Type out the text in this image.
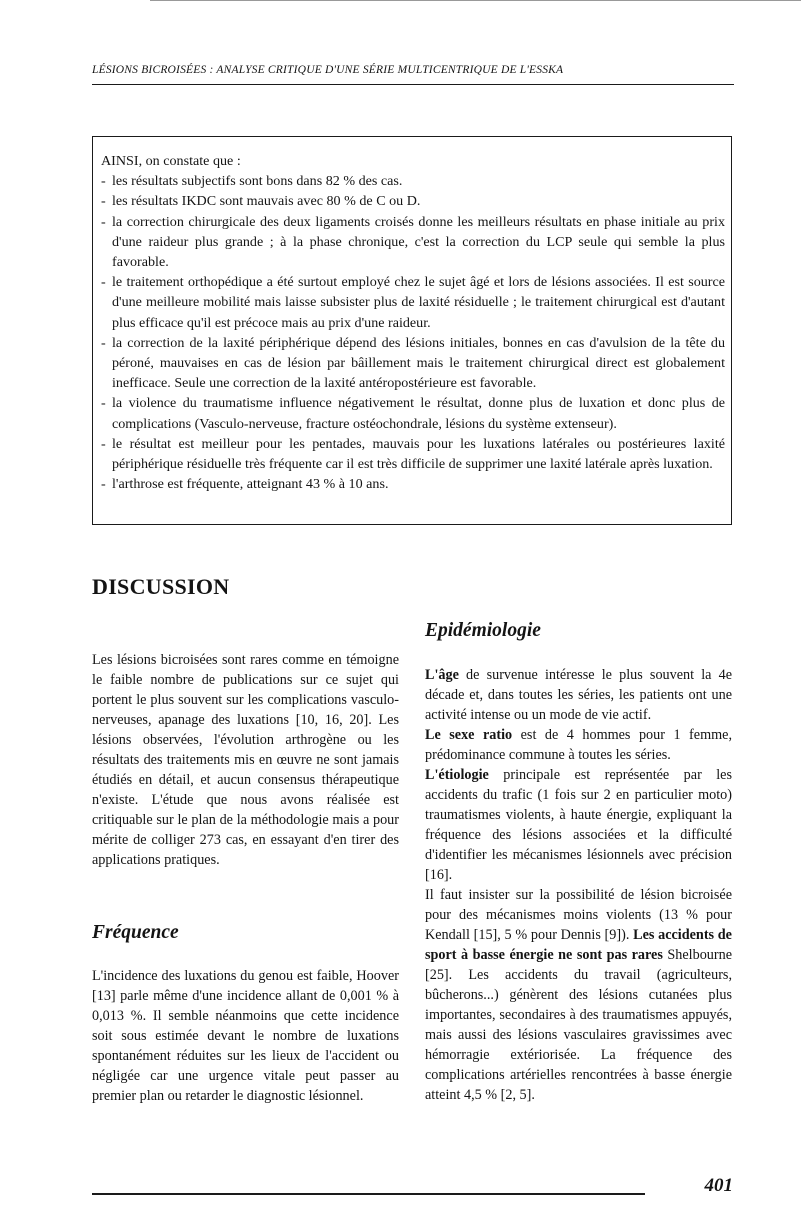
LÉSIONS BICROISÉES : ANALYSE CRITIQUE D'UNE SÉRIE MULTICENTRIQUE DE L'ESSKA

AINSI, on constate que :

- les résultats subjectifs sont bons dans 82 % des cas.
- les résultats IKDC sont mauvais avec 80 % de C ou D.
- la correction chirurgicale des deux ligaments croisés donne les meilleurs résultats en phase initiale au prix d'une raideur plus grande ; à la phase chronique, c'est la correction du LCP seule qui semble la plus favorable.
- le traitement orthopédique a été surtout employé chez le sujet âgé et lors de lésions associées. Il est source d'une meilleure mobilité mais laisse subsister plus de laxité résiduelle ; le traitement chirurgical est d'autant plus efficace qu'il est précoce mais au prix d'une raideur.
- la correction de la laxité périphérique dépend des lésions initiales, bonnes en cas d'avulsion de la tête du péroné, mauvaises en cas de lésion par bâillement mais le traitement chirurgical direct est globalement inefficace. Seule une correction de la laxité antéropostérieure est favorable.
- la violence du traumatisme influence négativement le résultat, donne plus de luxation et donc plus de complications (Vasculo-nerveuse, fracture ostéochondrale, lésions du système extenseur).
- le résultat est meilleur pour les pentades, mauvais pour les luxations latérales ou postérieures laxité périphérique résiduelle très fréquente car il est très difficile de supprimer une laxité latérale après luxation.
- l'arthrose est fréquente, atteignant 43 % à 10 ans.
DISCUSSION

Les lésions bicroisées sont rares comme en témoigne le faible nombre de publications sur ce sujet qui portent le plus souvent sur les complications vasculo-nerveuses, apanage des luxations [10, 16, 20]. Les lésions observées, l'évolution arthrogène ou les résultats des traitements mis en œuvre ne sont jamais étudiés en détail, et aucun consensus thérapeutique n'existe. L'étude que nous avons réalisée est critiquable sur le plan de la méthodologie mais a pour mérite de colliger 273 cas, en essayant d'en tirer des applications pratiques.

Fréquence

L'incidence des luxations du genou est faible, Hoover [13] parle même d'une incidence allant de 0,001 % à 0,013 %. Il semble néanmoins que cette incidence soit sous estimée devant le nombre de luxations spontanément réduites sur les lieux de l'accident ou négligée car une urgence vitale peut passer au premier plan ou retarder le diagnostic lésionnel.

Epidémiologie

L'âge de survenue intéresse le plus souvent la 4e décade et, dans toutes les séries, les patients ont une activité intense ou un mode de vie actif.

Le sexe ratio est de 4 hommes pour 1 femme, prédominance commune à toutes les séries.

L'étiologie principale est représentée par les accidents du trafic (1 fois sur 2 en particulier moto) traumatismes violents, à haute énergie, expliquant la fréquence des lésions associées et la difficulté d'identifier les mécanismes lésionnels avec précision [16].

Il faut insister sur la possibilité de lésion bicroisée pour des mécanismes moins violents (13 % pour Kendall [15], 5 % pour Dennis [9]). Les accidents de sport à basse énergie ne sont pas rares Shelbourne [25]. Les accidents du travail (agriculteurs, bûcherons...) génèrent des lésions cutanées plus importantes, secondaires à des traumatismes appuyés, mais aussi des lésions vasculaires gravissimes avec hémorragie extériorisée. La fréquence des complications artérielles rencontrées à basse énergie atteint 4,5 % [2, 5].

401
